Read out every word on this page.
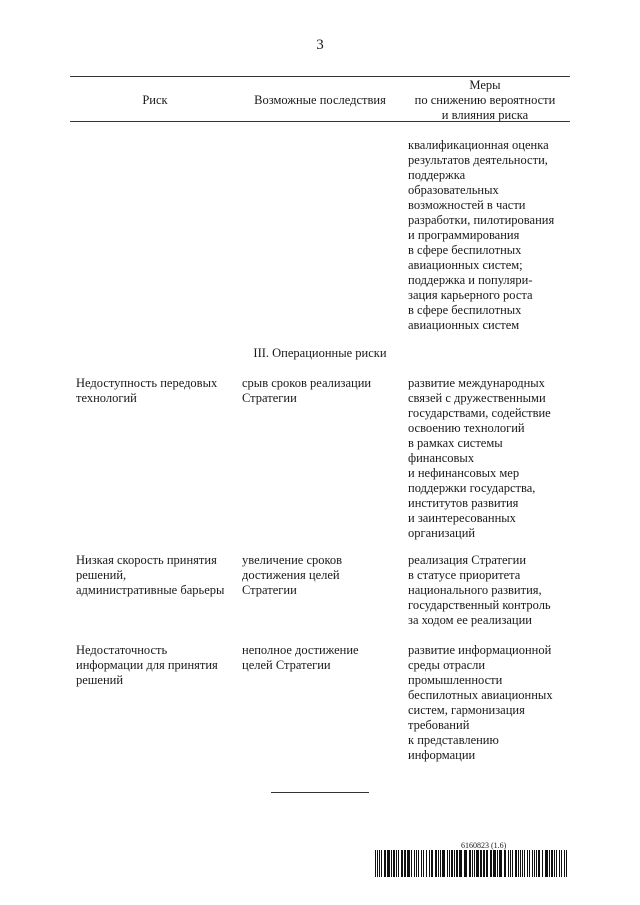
3
Риск	Возможные последствия
Меры
по снижению вероятности
и влияния риска
квалификационная оценка
результатов деятельности,
поддержка
образовательных
возможностей в части
разработки, пилотирования
и программирования
в сфере беспилотных
авиационных систем;
поддержка и популяри-
зация карьерного роста
в сфере беспилотных
авиационных систем
III. Операционные риски
Недоступность передовых
технологий
срыв сроков реализации
Стратегии
развитие международных
связей с дружественными
государствами, содействие
освоению технологий
в рамках системы
финансовых
и нефинансовых мер
поддержки государства,
институтов развития
и заинтересованных
организаций
Низкая скорость принятия
решений,
административные барьеры
увеличение сроков
достижения целей
Стратегии
реализация Стратегии
в статусе приоритета
национального развития,
государственный контроль
за ходом ее реализации
Недостаточность
информации для принятия
решений
неполное достижение
целей Стратегии
развитие информационной
среды отрасли
промышленности
беспилотных авиационных
систем, гармонизация
требований
к представлению
информации
6160823 (1.6)
